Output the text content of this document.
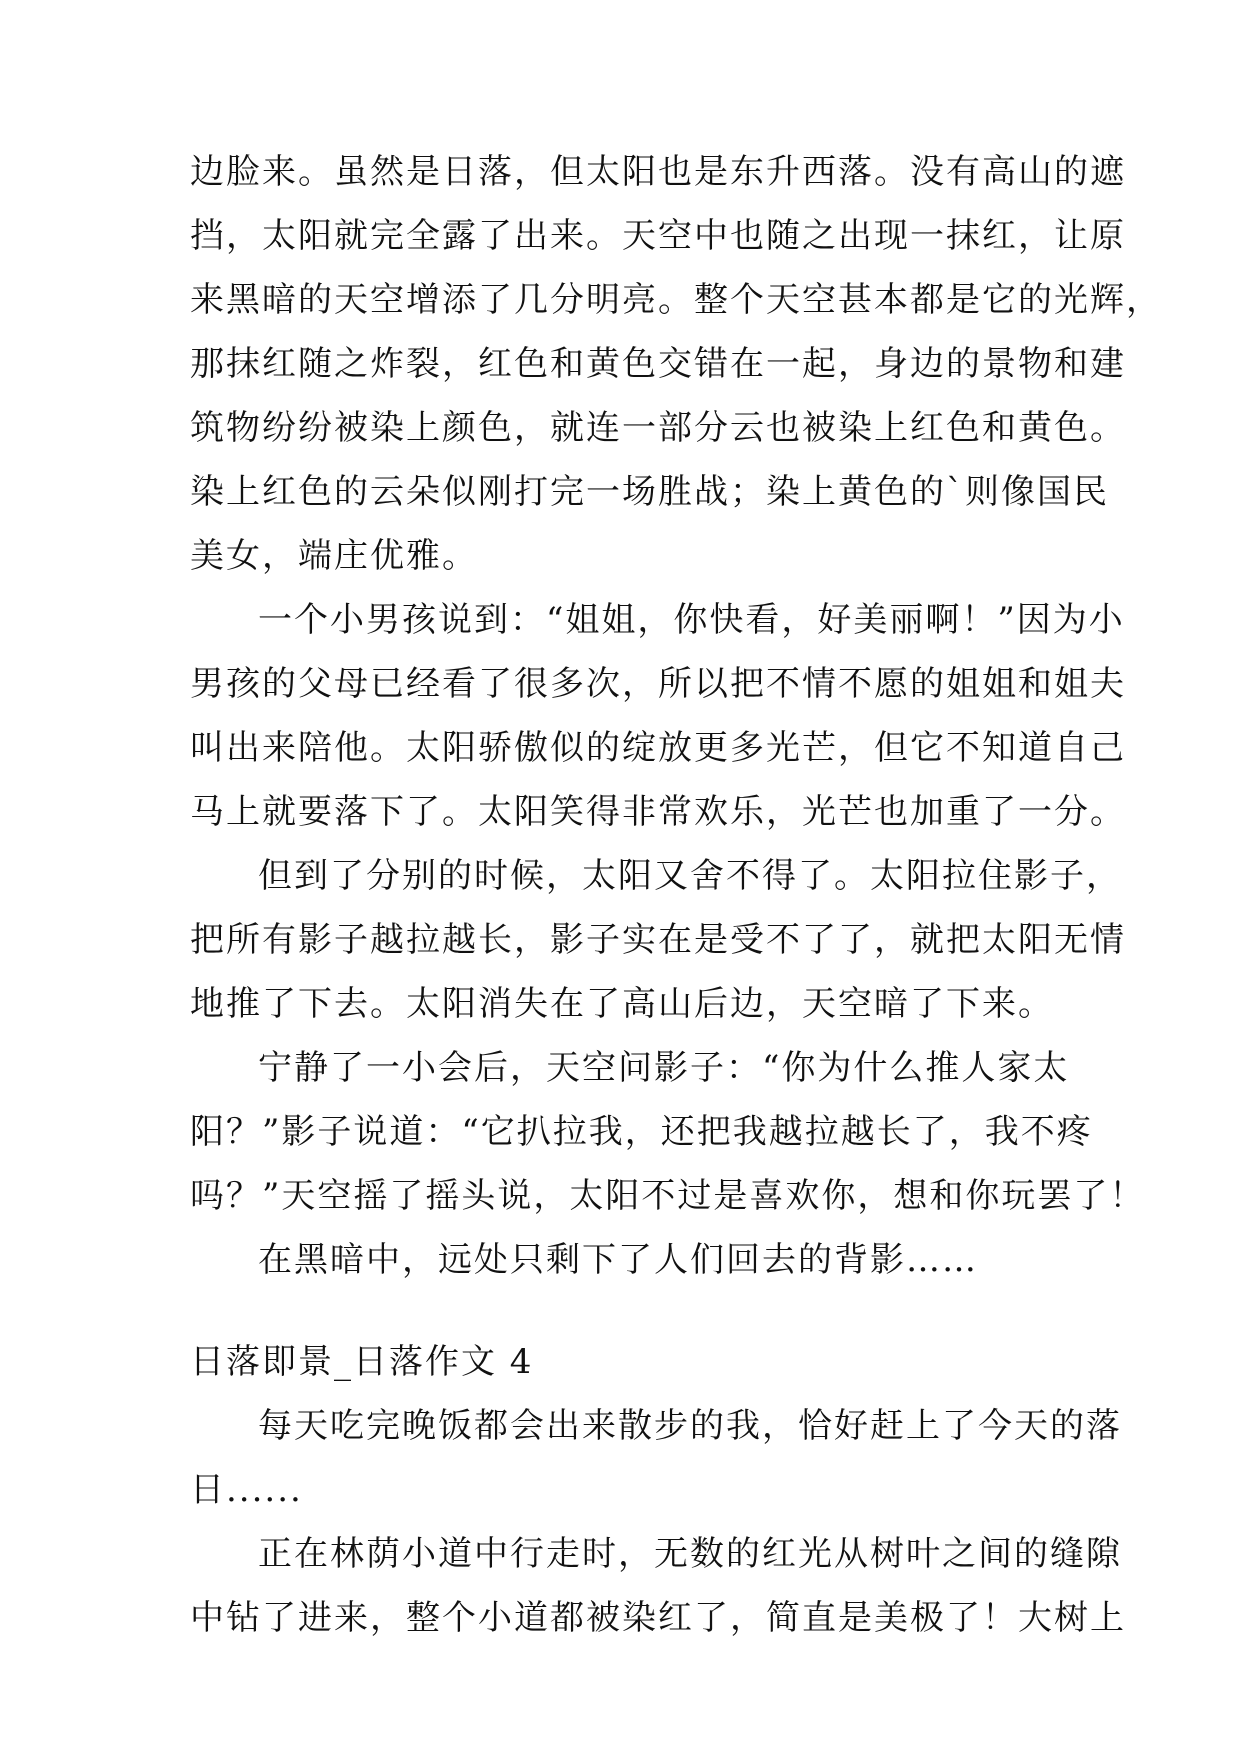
边脸来。虽然是日落，但太阳也是东升西落。没有高山的遮
挡，太阳就完全露了出来。天空中也随之出现一抹红，让原
来黑暗的天空增添了几分明亮。整个天空甚本都是它的光辉，
那抹红随之炸裂，红色和黄色交错在一起，身边的景物和建
筑物纷纷被染上颜色，就连一部分云也被染上红色和黄色。
染上红色的云朵似刚打完一场胜战；染上黄色的`则像国民
美女，端庄优雅。
一个小男孩说到：“姐姐，你快看，好美丽啊！”因为小
男孩的父母已经看了很多次，所以把不情不愿的姐姐和姐夫
叫出来陪他。太阳骄傲似的绽放更多光芒，但它不知道自己
马上就要落下了。太阳笑得非常欢乐，光芒也加重了一分。
但到了分别的时候，太阳又舍不得了。太阳拉住影子，
把所有影子越拉越长，影子实在是受不了了，就把太阳无情
地推了下去。太阳消失在了高山后边，天空暗了下来。
宁静了一小会后，天空问影子：“你为什么推人家太
阳？”影子说道：“它扒拉我，还把我越拉越长了，我不疼
吗？”天空摇了摇头说，太阳不过是喜欢你，想和你玩罢了！
在黑暗中，远处只剩下了人们回去的背影……
日落即景_日落作文 4
每天吃完晚饭都会出来散步的我，恰好赶上了今天的落
日......
正在林荫小道中行走时，无数的红光从树叶之间的缝隙
中钻了进来，整个小道都被染红了，简直是美极了！大树上
